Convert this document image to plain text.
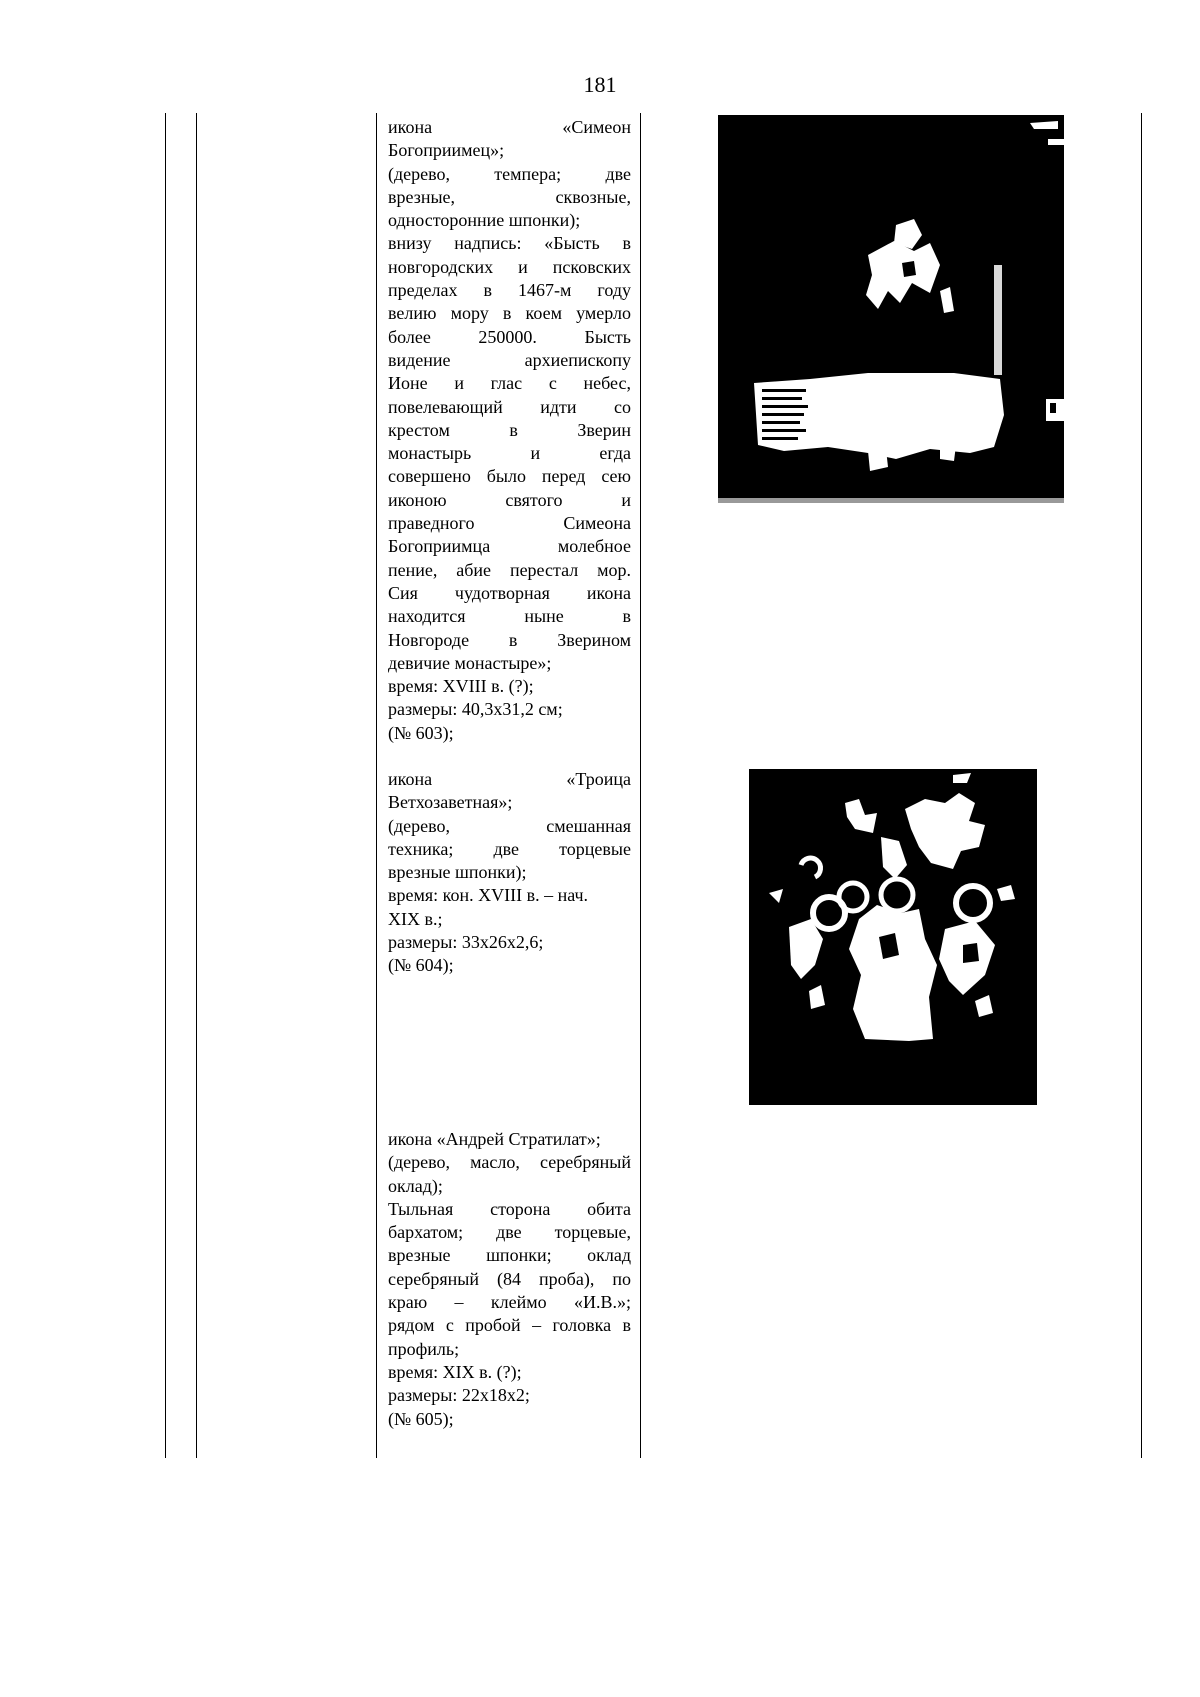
181
икона «Симеон
Богоприимец»;
(дерево, темпера; две
врезные, сквозные,
односторонние шпонки);
внизу надпись: «Бысть в
новгородских и псковских
пределах в 1467-м году
велию мору в коем умерло
более 250000. Бысть
видение архиепископу
Ионе и глас с небес,
повелевающий идти со
крестом в Зверин
монастырь и егда
совершено было перед сею
иконою святого и
праведного Симеона
Богоприимца молебное
пение, абие перестал мор.
Сия чудотворная икона
находится ныне в
Новгороде в Зверином
девичие монастыре»;
время: XVIII в. (?);
размеры: 40,3х31,2 см;
(№ 603);
икона «Троица
Ветхозаветная»;
(дерево, смешанная
техника; две торцевые
врезные шпонки);
время: кон. XVIII в. – нач.
XIX в.;
размеры: 33х26х2,6;
(№ 604);
икона «Андрей Стратилат»;
(дерево, масло, серебряный
оклад);
Тыльная сторона обита
бархатом; две торцевые,
врезные шпонки; оклад
серебряный (84 проба), по
краю – клеймо «И.В.»;
рядом с пробой – головка в
профиль;
время: XIX в. (?);
размеры: 22х18х2;
(№ 605);
